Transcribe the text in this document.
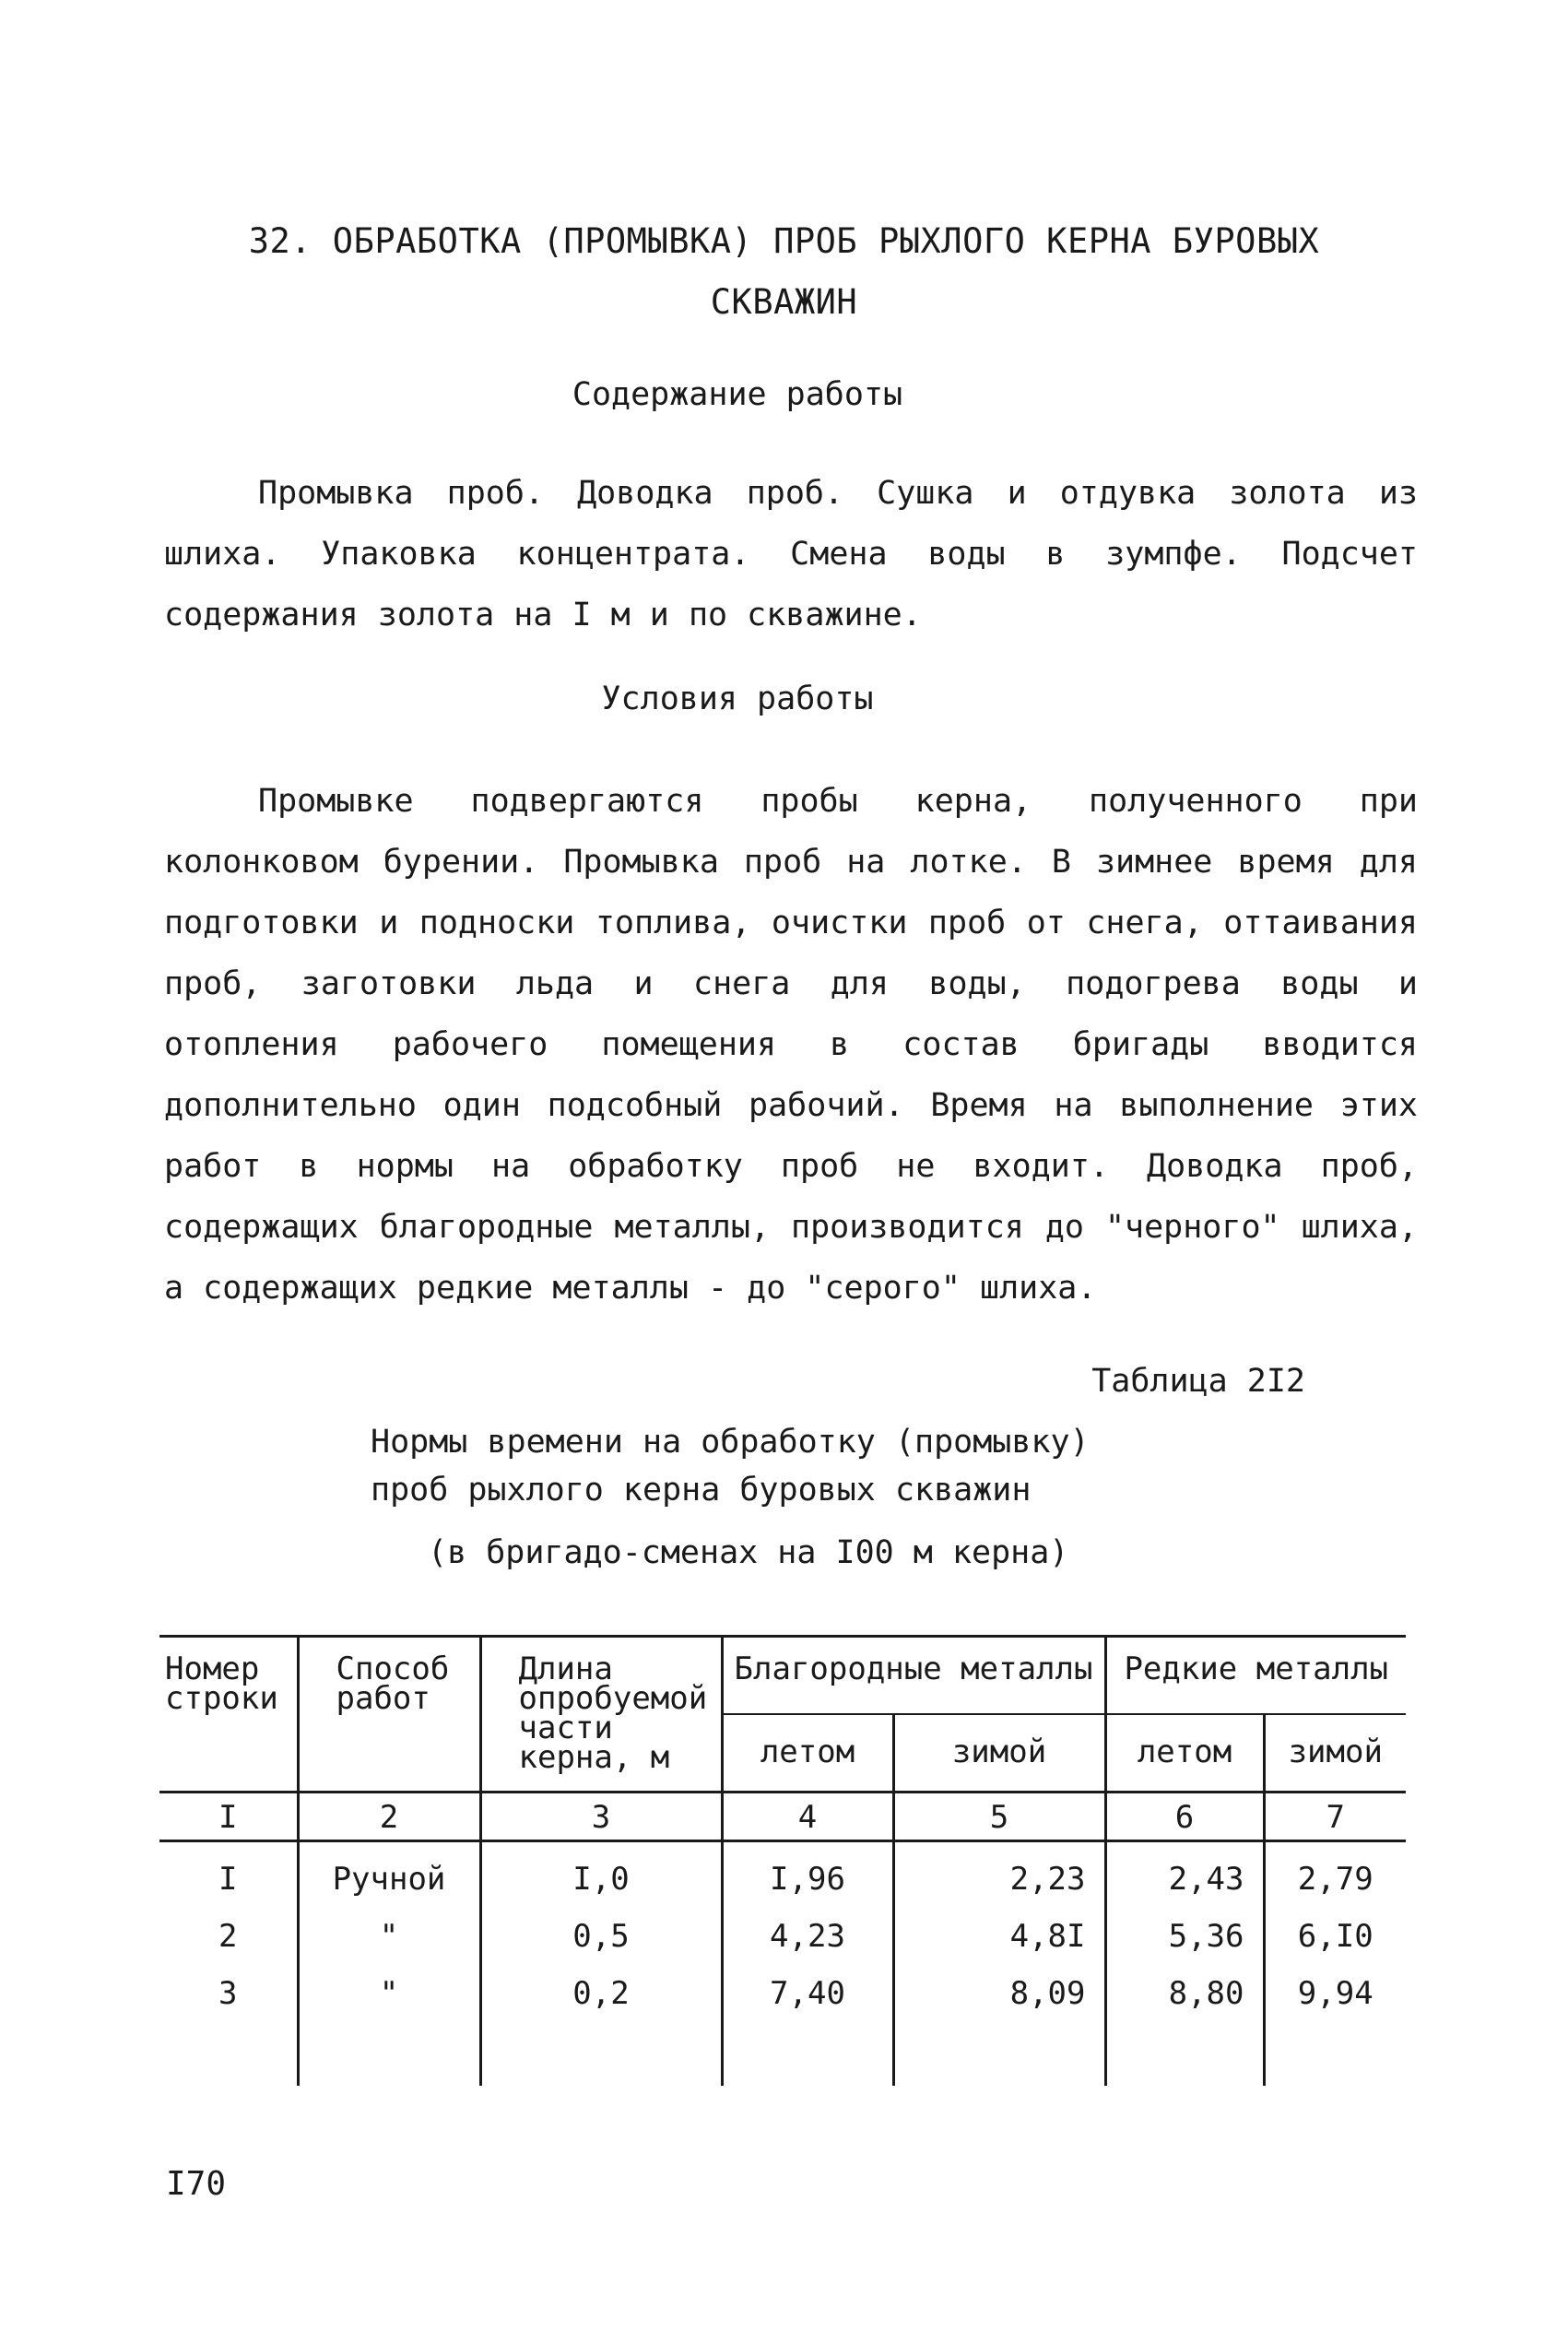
32. ОБРАБОТКА (ПРОМЫВКА) ПРОБ РЫХЛОГО КЕРНА БУРОВЫХ
СКВАЖИН
Содержание работы

Промывка проб. Доводка проб. Сушка и отдувка золота из шлиха. Упаковка концентрата. Смена воды в зумпфе. Подсчет содержания золота на I м и по скважине.

Условия работы

Промывке подвергаются пробы керна, полученного при колонковом бурении. Промывка проб на лотке. В зимнее время для подготовки и подноски топлива, очистки проб от снега, оттаивания проб, заготовки льда и снега для воды, подогрева воды и отопления рабочего помещения в состав бригады вводится дополнительно один подсобный рабочий. Время на выполнение этих работ в нормы на обработку проб не входит. Доводка проб, содержащих благородные металлы, производится до "черного" шлиха, а содержащих редкие металлы - до "серого" шлиха.

Таблица 2I2
Нормы времени на обработку (промывку)
проб рыхлого керна буровых скважин
(в бригадо-сменах на I00 м керна)
Номер строки	Способ работ	Длина опробуемой части керна, м	Благородные металлы		Редкие металлы	
			летом	зимой	летом	зимой
I	2	3	4	5	6	7
I	Ручной	I,0	I,96	2,23	2,43	2,79
2	"	0,5	4,23	4,8I	5,36	6,I0
3	"	0,2	7,40	8,09	8,80	9,94
I70
